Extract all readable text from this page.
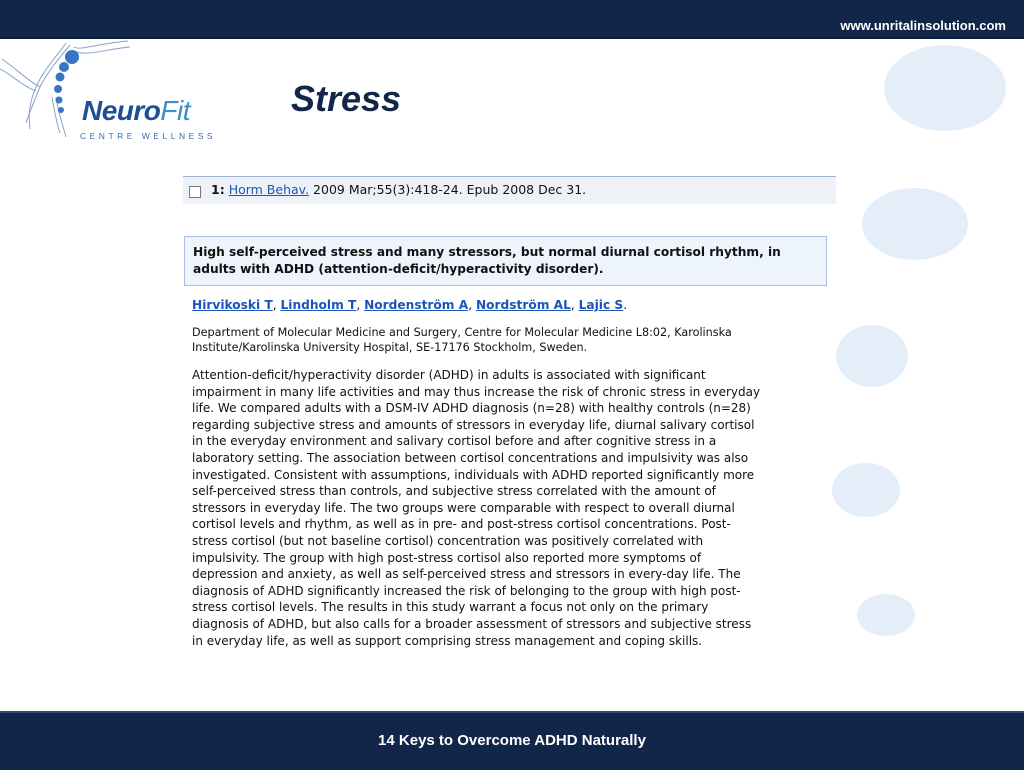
www.unritalinsolution.com
NeuroFit
CENTRE WELLNESS
Stress
1: Horm Behav. 2009 Mar;55(3):418-24. Epub 2008 Dec 31.
High self-perceived stress and many stressors, but normal diurnal cortisol rhythm, in adults with ADHD (attention-deficit/hyperactivity disorder).
Hirvikoski T, Lindholm T, Nordenström A, Nordström AL, Lajic S.
Department of Molecular Medicine and Surgery, Centre for Molecular Medicine L8:02, Karolinska Institute/Karolinska University Hospital, SE-17176 Stockholm, Sweden.
Attention-deficit/hyperactivity disorder (ADHD) in adults is associated with significant
impairment in many life activities and may thus increase the risk of chronic stress in everyday
life. We compared adults with a DSM-IV ADHD diagnosis (n=28) with healthy controls (n=28)
regarding subjective stress and amounts of stressors in everyday life, diurnal salivary cortisol
in the everyday environment and salivary cortisol before and after cognitive stress in a
laboratory setting. The association between cortisol concentrations and impulsivity was also
investigated. Consistent with assumptions, individuals with ADHD reported significantly more
self-perceived stress than controls, and subjective stress correlated with the amount of
stressors in everyday life. The two groups were comparable with respect to overall diurnal
cortisol levels and rhythm, as well as in pre- and post-stress cortisol concentrations. Post-
stress cortisol (but not baseline cortisol) concentration was positively correlated with
impulsivity. The group with high post-stress cortisol also reported more symptoms of
depression and anxiety, as well as self-perceived stress and stressors in every-day life. The
diagnosis of ADHD significantly increased the risk of belonging to the group with high post-
stress cortisol levels. The results in this study warrant a focus not only on the primary
diagnosis of ADHD, but also calls for a broader assessment of stressors and subjective stress
in everyday life, as well as support comprising stress management and coping skills.
14 Keys to Overcome ADHD Naturally
